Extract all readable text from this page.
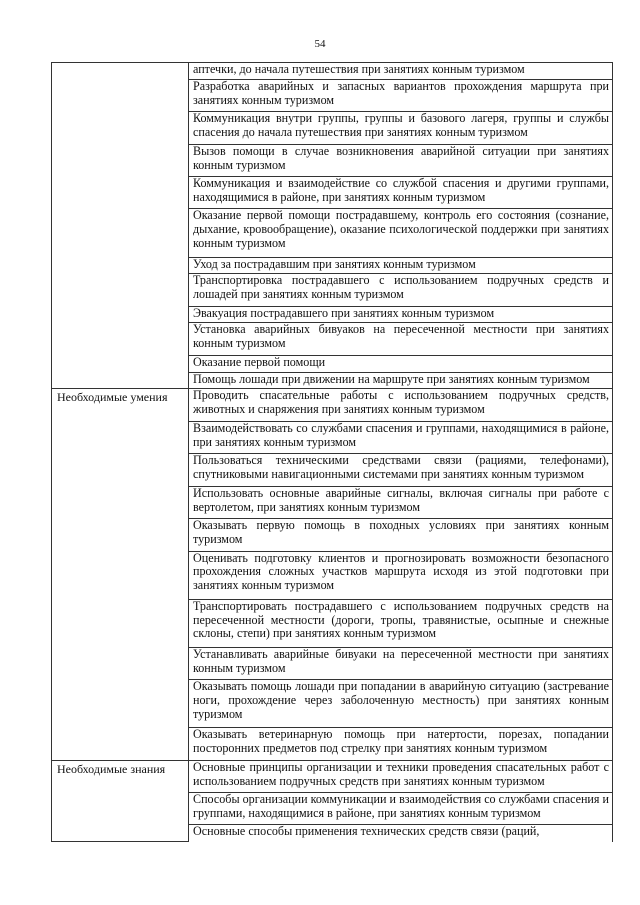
54
	аптечки, до начала путешествия при занятиях конным туризмом
	Разработка аварийных и запасных вариантов прохождения маршрута при занятиях конным туризмом
	Коммуникация внутри группы, группы и базового лагеря, группы и службы спасения до начала путешествия при занятиях конным туризмом
	Вызов помощи в случае возникновения аварийной ситуации при занятиях конным туризмом
	Коммуникация и взаимодействие со службой спасения и другими группами, находящимися в районе, при занятиях конным туризмом
	Оказание первой помощи пострадавшему, контроль его состояния (сознание, дыхание, кровообращение), оказание психологической поддержки при занятиях конным туризмом
	Уход за пострадавшим при занятиях конным туризмом
	Транспортировка пострадавшего с использованием подручных средств и лошадей при занятиях конным туризмом
	Эвакуация пострадавшего при занятиях конным туризмом
	Установка аварийных бивуаков на пересеченной местности при занятиях конным туризмом
	Оказание первой помощи
	Помощь лошади при движении на маршруте при занятиях конным туризмом
Необходимые умения	Проводить спасательные работы с использованием подручных средств, животных и снаряжения при занятиях конным туризмом
	Взаимодействовать со службами спасения и группами, находящимися в районе, при занятиях конным туризмом
	Пользоваться техническими средствами связи (рациями, телефонами), спутниковыми навигационными системами при занятиях конным туризмом
	Использовать основные аварийные сигналы, включая сигналы при работе с вертолетом, при занятиях конным туризмом
	Оказывать первую помощь в походных условиях при занятиях конным туризмом
	Оценивать подготовку клиентов и прогнозировать возможности безопасного прохождения сложных участков маршрута исходя из этой подготовки при занятиях конным туризмом
	Транспортировать пострадавшего с использованием подручных средств на пересеченной местности (дороги, тропы, травянистые, осыпные и снежные склоны, степи) при занятиях конным туризмом
	Устанавливать аварийные бивуаки на пересеченной местности при занятиях конным туризмом
	Оказывать помощь лошади при попадании в аварийную ситуацию (застревание ноги, прохождение через заболоченную местность) при занятиях конным туризмом
	Оказывать ветеринарную помощь при натертости, порезах, попадании посторонних предметов под стрелку при занятиях конным туризмом
Необходимые знания	Основные принципы организации и техники проведения спасательных работ с использованием подручных средств при занятиях конным туризмом
	Способы организации коммуникации и взаимодействия со службами спасения и группами, находящимися в районе, при занятиях конным туризмом
	Основные способы применения технических средств связи (раций,
